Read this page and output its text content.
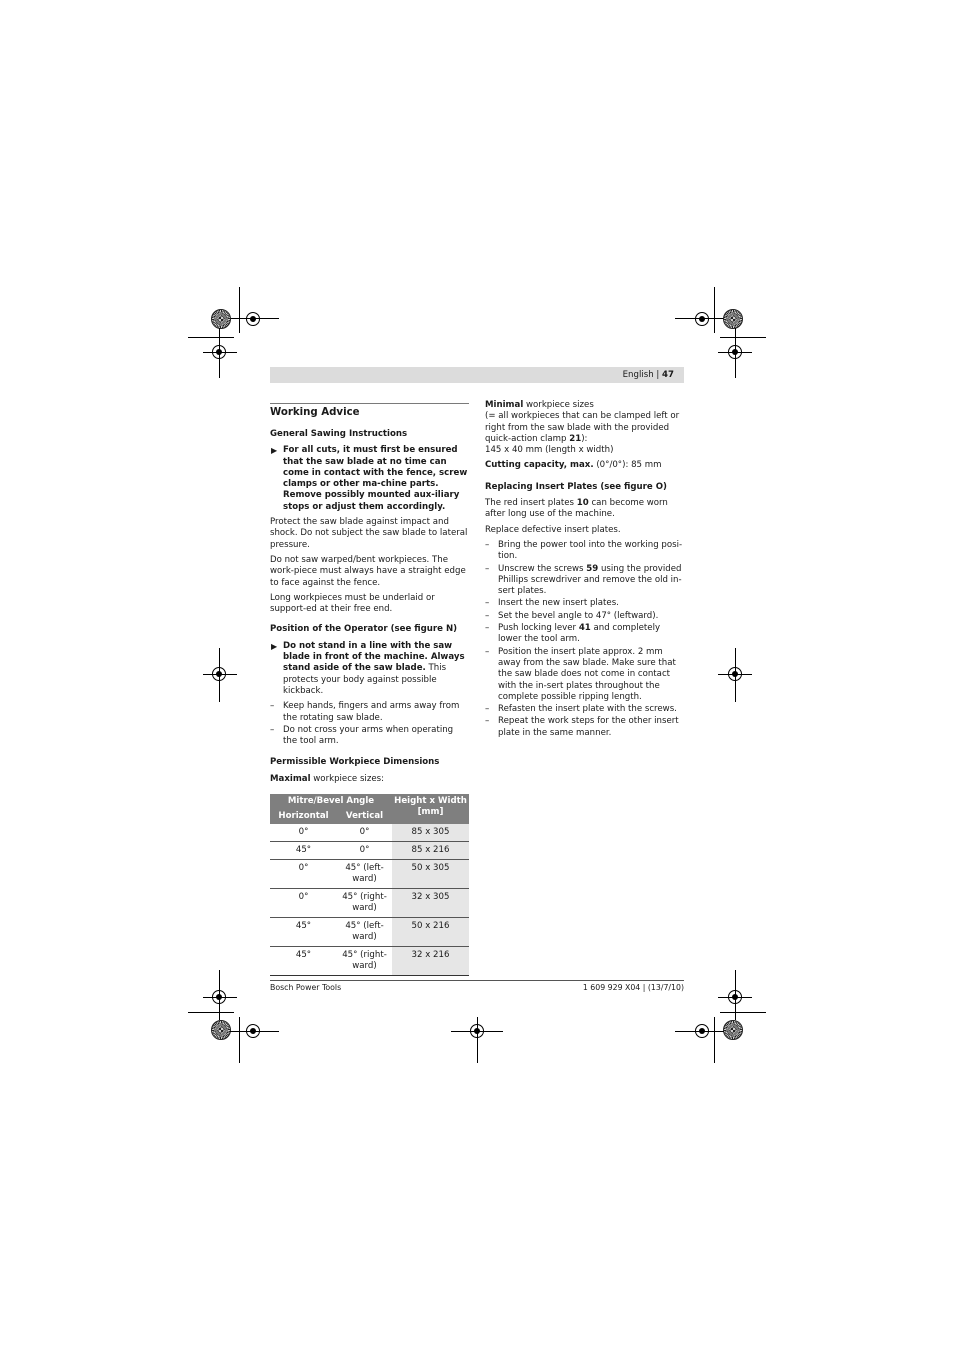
English | 47
Working Advice
General Sawing Instructions
▶ For all cuts, it must first be ensured that the saw blade at no time can come in contact with the fence, screw clamps or other ma-chine parts. Remove possibly mounted aux-iliary stops or adjust them accordingly.

Protect the saw blade against impact and shock. Do not subject the saw blade to lateral pressure.

Do not saw warped/bent workpieces. The work-piece must always have a straight edge to face against the fence.

Long workpieces must be underlaid or support-ed at their free end.

Position of the Operator (see figure N)
▶ Do not stand in a line with the saw blade in front of the machine. Always stand aside of the saw blade. This protects your body against possible kickback.
– Keep hands, fingers and arms away from the rotating saw blade.
– Do not cross your arms when operating the tool arm.
Permissible Workpiece Dimensions

Maximal workpiece sizes:

Mitre/Bevel Angle		Height x Width [mm]
Horizontal	Vertical	
0°	0°	85 x 305
45°	0°	85 x 216
0°	45° (left-ward)	50 x 305
0°	45° (right-ward)	32 x 305
45°	45° (left-ward)	50 x 216
45°	45° (right-ward)	32 x 216

Minimal workpiece sizes

(= all workpieces that can be clamped left or right from the saw blade with the provided quick-action clamp 21):

145 x 40 mm (length x width)

Cutting capacity, max. (0°/0°): 85 mm

Replacing Insert Plates (see figure O)

The red insert plates 10 can become worn after long use of the machine.

Replace defective insert plates.

– Bring the power tool into the working posi-tion.
– Unscrew the screws 59 using the provided Phillips screwdriver and remove the old in-sert plates.
– Insert the new insert plates.
– Set the bevel angle to 47° (leftward).
– Push locking lever 41 and completely lower the tool arm.
– Position the insert plate approx. 2 mm away from the saw blade. Make sure that the saw blade does not come in contact with the in-sert plates throughout the complete possible ripping length.
– Refasten the insert plate with the screws.
– Repeat the work steps for the other insert plate in the same manner.
Bosch Power Tools	1 609 929 X04 | (13/7/10)
